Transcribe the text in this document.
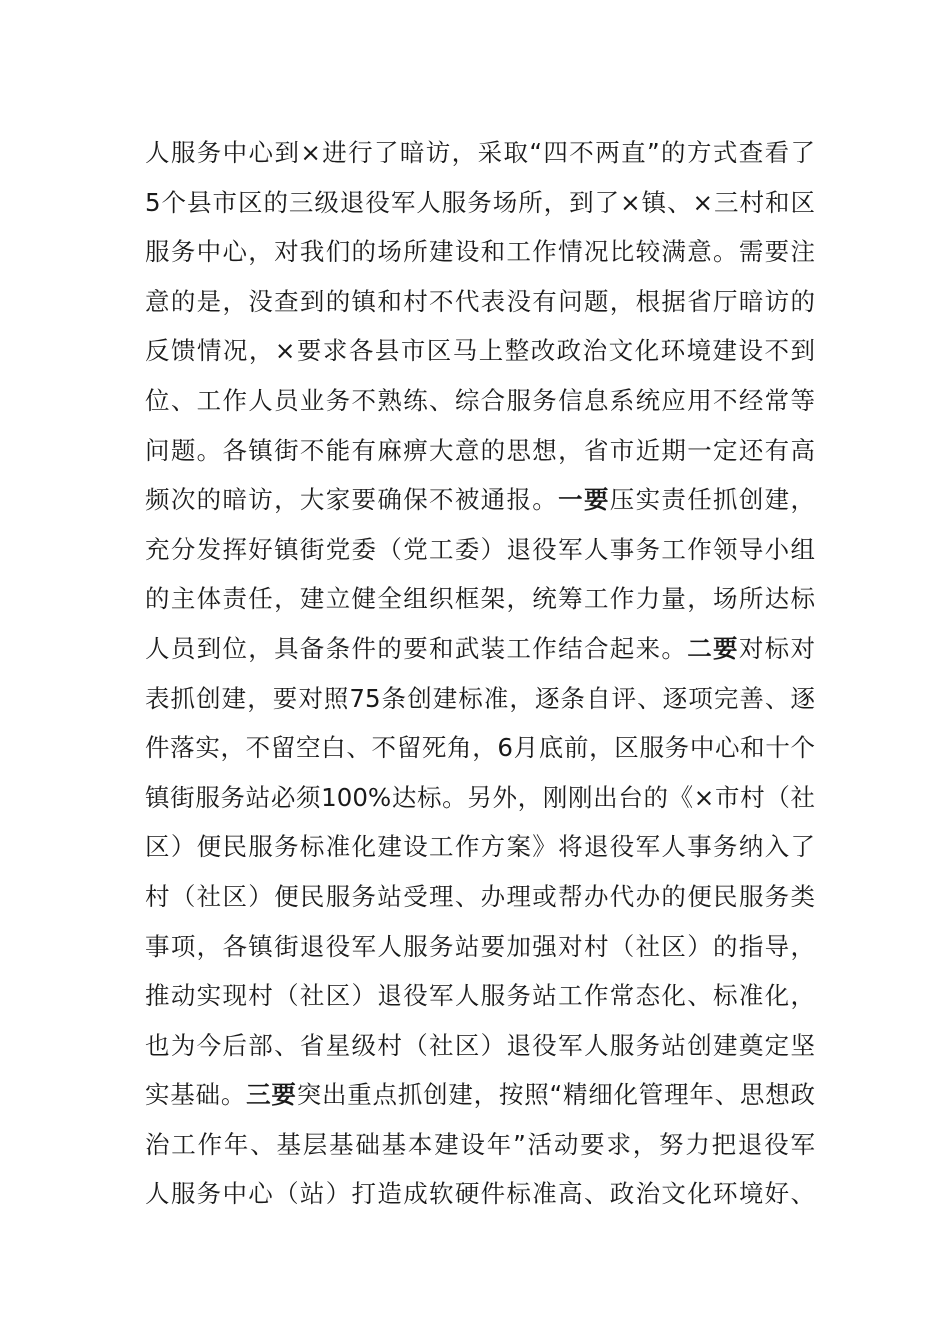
人服务中心到×进行了暗访，采取“四不两直”的方式查看了
5个县市区的三级退役军人服务场所，到了×镇、×三村和区
服务中心，对我们的场所建设和工作情况比较满意。需要注
意的是，没查到的镇和村不代表没有问题，根据省厅暗访的
反馈情况，×要求各县市区马上整改政治文化环境建设不到
位、工作人员业务不熟练、综合服务信息系统应用不经常等
问题。各镇街不能有麻痹大意的思想，省市近期一定还有高
频次的暗访，大家要确保不被通报。一要压实责任抓创建，
充分发挥好镇街党委（党工委）退役军人事务工作领导小组
的主体责任，建立健全组织框架，统筹工作力量，场所达标
人员到位，具备条件的要和武装工作结合起来。二要对标对
表抓创建，要对照75条创建标准，逐条自评、逐项完善、逐
件落实，不留空白、不留死角，6月底前，区服务中心和十个
镇街服务站必须100%达标。另外，刚刚出台的《×市村（社
区）便民服务标准化建设工作方案》将退役军人事务纳入了
村（社区）便民服务站受理、办理或帮办代办的便民服务类
事项，各镇街退役军人服务站要加强对村（社区）的指导，
推动实现村（社区）退役军人服务站工作常态化、标准化，
也为今后部、省星级村（社区）退役军人服务站创建奠定坚
实基础。三要突出重点抓创建，按照“精细化管理年、思想政
治工作年、基层基础基本建设年”活动要求，努力把退役军
人服务中心（站）打造成软硬件标准高、政治文化环境好、
